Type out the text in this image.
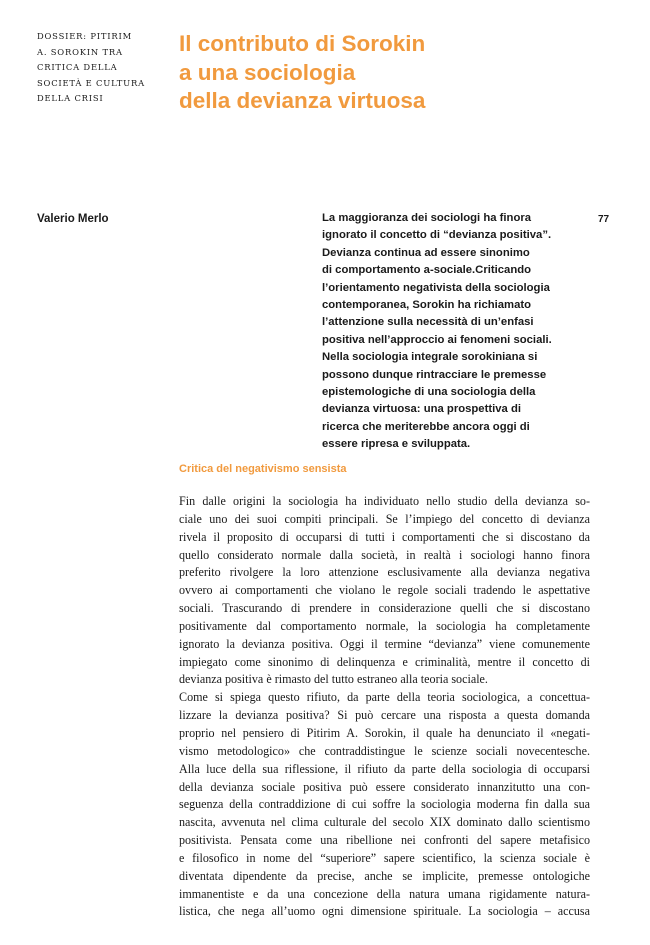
DOSSIER: PITIRIM
A. SOROKIN TRA
CRITICA DELLA
SOCIETÀ E CULTURA
DELLA CRISI
Il contributo di Sorokin
a una sociologia
della devianza virtuosa
Valerio Merlo	77
La maggioranza dei sociologi ha finora
ignorato il concetto di “devianza positiva”.
Devianza continua ad essere sinonimo
di comportamento a-sociale.Criticando
l’orientamento negativista della sociologia
contemporanea, Sorokin ha richiamato
l’attenzione sulla necessità di un’enfasi
positiva nell’approccio ai fenomeni sociali.
Nella sociologia integrale sorokiniana si
possono dunque rintracciare le premesse
epistemologiche di una sociologia della
devianza virtuosa: una prospettiva di
ricerca che meriterebbe ancora oggi di
essere ripresa e sviluppata.
Critica del negativismo sensista
Fin dalle origini la sociologia ha individuato nello studio della devianza so-
ciale uno dei suoi compiti principali. Se l’impiego del concetto di devianza
rivela il proposito di occuparsi di tutti i comportamenti che si discostano da
quello considerato normale dalla società, in realtà i sociologi hanno finora
preferito rivolgere la loro attenzione esclusivamente alla devianza negativa
ovvero ai comportamenti che violano le regole sociali tradendo le aspettative
sociali. Trascurando di prendere in considerazione quelli che si discostano
positivamente dal comportamento normale, la sociologia ha completamente
ignorato la devianza positiva. Oggi il termine “devianza” viene comunemente
impiegato come sinonimo di delinquenza e criminalità, mentre il concetto di
devianza positiva è rimasto del tutto estraneo alla teoria sociale.
Come si spiega questo rifiuto, da parte della teoria sociologica, a concettua-
lizzare la devianza positiva? Si può cercare una risposta a questa domanda
proprio nel pensiero di Pitirim A. Sorokin, il quale ha denunciato il «negati-
vismo metodologico» che contraddistingue le scienze sociali novecentesche.
Alla luce della sua riflessione, il rifiuto da parte della sociologia di occuparsi
della devianza sociale positiva può essere considerato innanzitutto una con-
seguenza della contraddizione di cui soffre la sociologia moderna fin dalla sua
nascita, avvenuta nel clima culturale del secolo XIX dominato dallo scientismo
positivista. Pensata come una ribellione nei confronti del sapere metafisico
e filosofico in nome del “superiore” sapere scientifico, la scienza sociale è
diventata dipendente da precise, anche se implicite, premesse ontologiche
immanentiste e da una concezione della natura umana rigidamente natura-
listica, che nega all’uomo ogni dimensione spirituale. La sociologia – accusa
